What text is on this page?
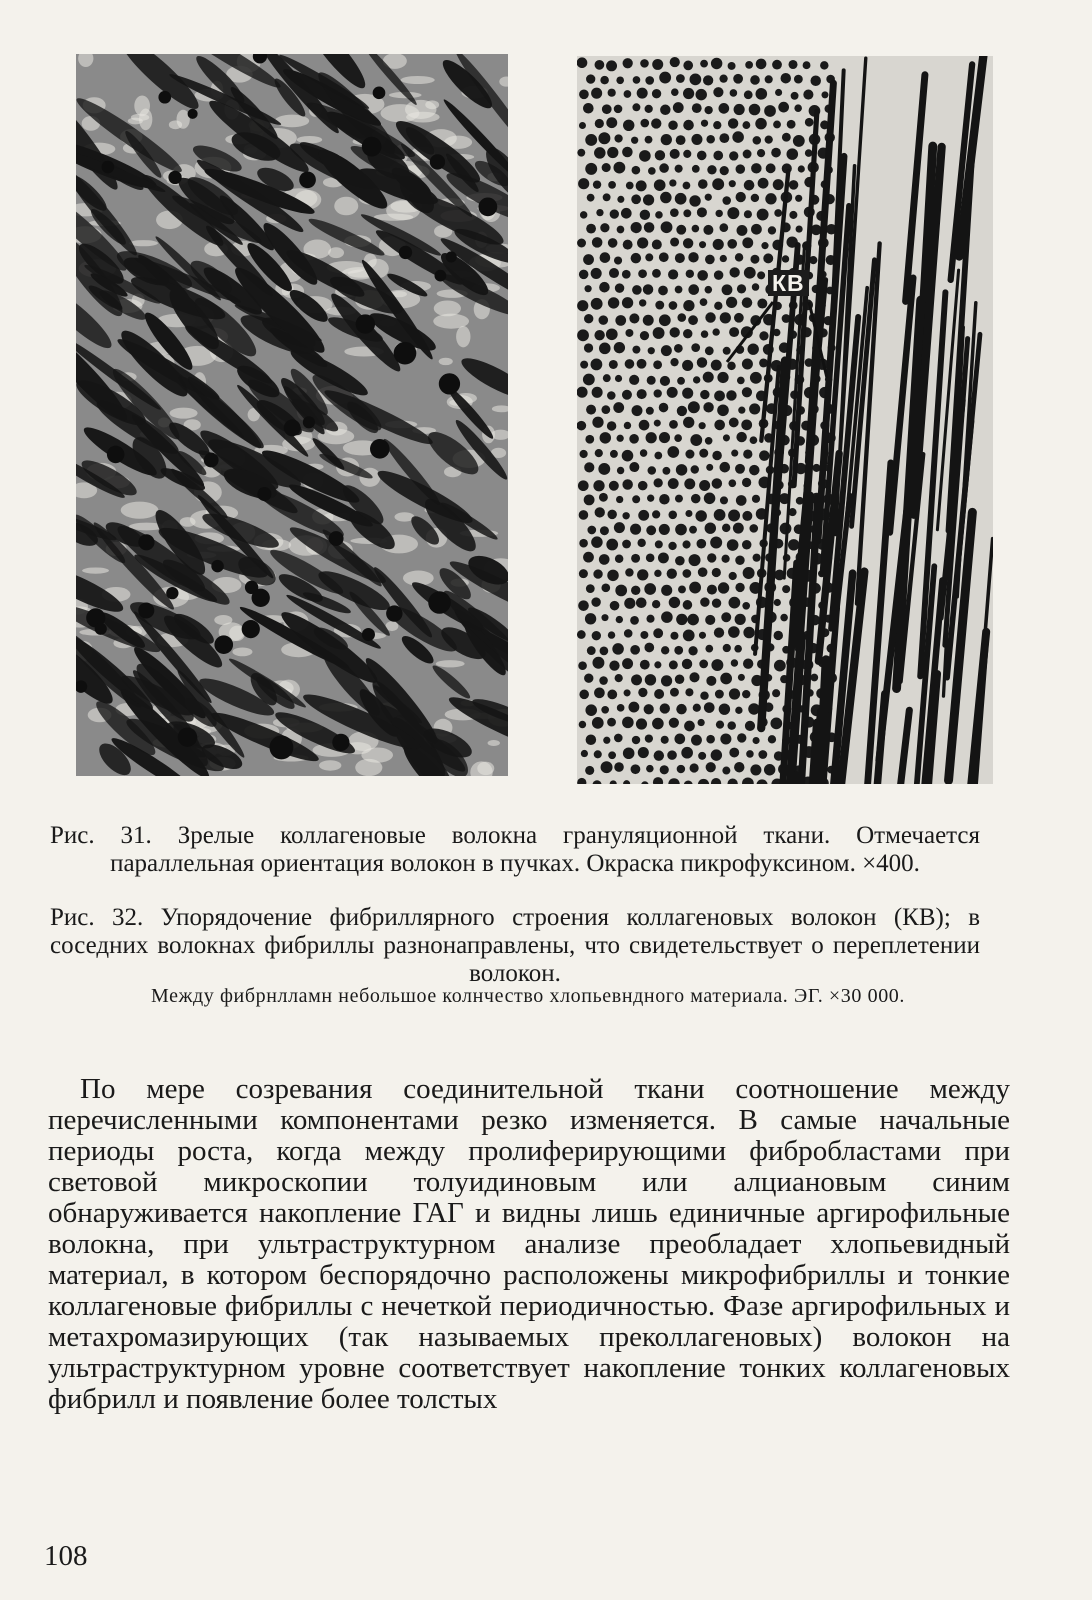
КВ
Рис. 31. Зрелые коллагеновые волокна грануляционной ткани. Отмечается параллельная ориентация волокон в пучках. Окраска пикрофуксином. ×400.
Рис. 32. Упорядочение фибриллярного строения коллагеновых волокон (КВ); в соседних волокнах фибриллы разнонаправлены, что свидетельствует о переплетении волокон.
Между фибрнлламн небольшое колнчество хлопьевндного материала. ЭГ. ×30 000.
По мере созревания соединительной ткани соотношение между перечисленными компонентами резко изменяется. В самые начальные периоды роста, когда между пролиферирующими фибробластами при световой микроскопии толуидиновым или алциановым синим обнаруживается накопление ГАГ и видны лишь единичные аргирофильные волокна, при ультраструктурном анализе преобладает хлопьевидный материал, в котором беспорядочно расположены микрофибриллы и тонкие коллагеновые фибриллы с нечеткой периодичностью. Фазе аргирофильных и метахромазирующих (так называемых преколлагеновых) волокон на ультраструктурном уровне соответствует накопление тонких коллагеновых фибрилл и появление более толстых
108
